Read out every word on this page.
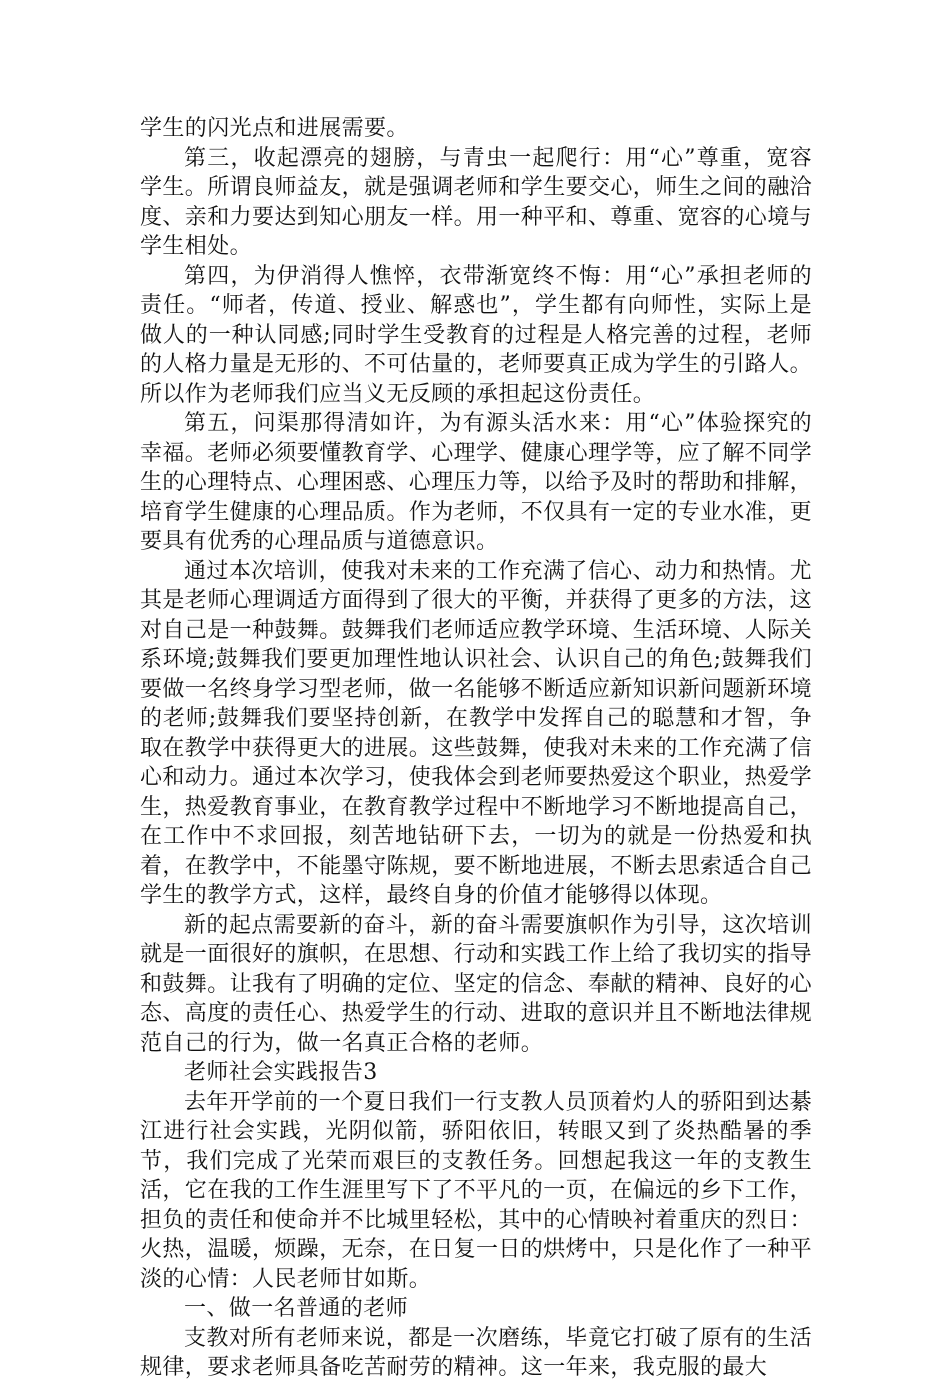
学生的闪光点和进展需要。

第三，收起漂亮的翅膀，与青虫一起爬行：用“心”尊重，宽容学生。所谓良师益友，就是强调老师和学生要交心，师生之间的融洽度、亲和力要达到知心朋友一样。用一种平和、尊重、宽容的心境与学生相处。

第四，为伊消得人憔悴，衣带渐宽终不悔：用“心”承担老师的责任。“师者，传道、授业、解惑也”，学生都有向师性，实际上是做人的一种认同感;同时学生受教育的过程是人格完善的过程，老师的人格力量是无形的、不可估量的，老师要真正成为学生的引路人。所以作为老师我们应当义无反顾的承担起这份责任。

第五，问渠那得清如许，为有源头活水来：用“心”体验探究的幸福。老师必须要懂教育学、心理学、健康心理学等，应了解不同学生的心理特点、心理困惑、心理压力等，以给予及时的帮助和排解，培育学生健康的心理品质。作为老师，不仅具有一定的专业水准，更要具有优秀的心理品质与道德意识。

通过本次培训，使我对未来的工作充满了信心、动力和热情。尤其是老师心理调适方面得到了很大的平衡，并获得了更多的方法，这对自己是一种鼓舞。鼓舞我们老师适应教学环境、生活环境、人际关系环境;鼓舞我们要更加理性地认识社会、认识自己的角色;鼓舞我们要做一名终身学习型老师，做一名能够不断适应新知识新问题新环境的老师;鼓舞我们要坚持创新，在教学中发挥自己的聪慧和才智，争取在教学中获得更大的进展。这些鼓舞，使我对未来的工作充满了信心和动力。通过本次学习，使我体会到老师要热爱这个职业，热爱学生，热爱教育事业，在教育教学过程中不断地学习不断地提高自己，在工作中不求回报，刻苦地钻研下去，一切为的就是一份热爱和执着，在教学中，不能墨守陈规，要不断地进展，不断去思索适合自己学生的教学方式，这样，最终自身的价值才能够得以体现。

新的起点需要新的奋斗，新的奋斗需要旗帜作为引导，这次培训就是一面很好的旗帜，在思想、行动和实践工作上给了我切实的指导和鼓舞。让我有了明确的定位、坚定的信念、奉献的精神、良好的心态、高度的责任心、热爱学生的行动、进取的意识并且不断地法律规范自己的行为，做一名真正合格的老师。

老师社会实践报告3

去年开学前的一个夏日我们一行支教人员顶着灼人的骄阳到达綦江进行社会实践，光阴似箭，骄阳依旧，转眼又到了炎热酷暑的季节，我们完成了光荣而艰巨的支教任务。回想起我这一年的支教生活，它在我的工作生涯里写下了不平凡的一页，在偏远的乡下工作，担负的责任和使命并不比城里轻松，其中的心情映衬着重庆的烈日：火热，温暖，烦躁，无奈，在日复一日的烘烤中，只是化作了一种平淡的心情：人民老师甘如斯。

一、做一名普通的老师

支教对所有老师来说，都是一次磨练，毕竟它打破了原有的生活规律，要求老师具备吃苦耐劳的精神。这一年来，我克服的最大
